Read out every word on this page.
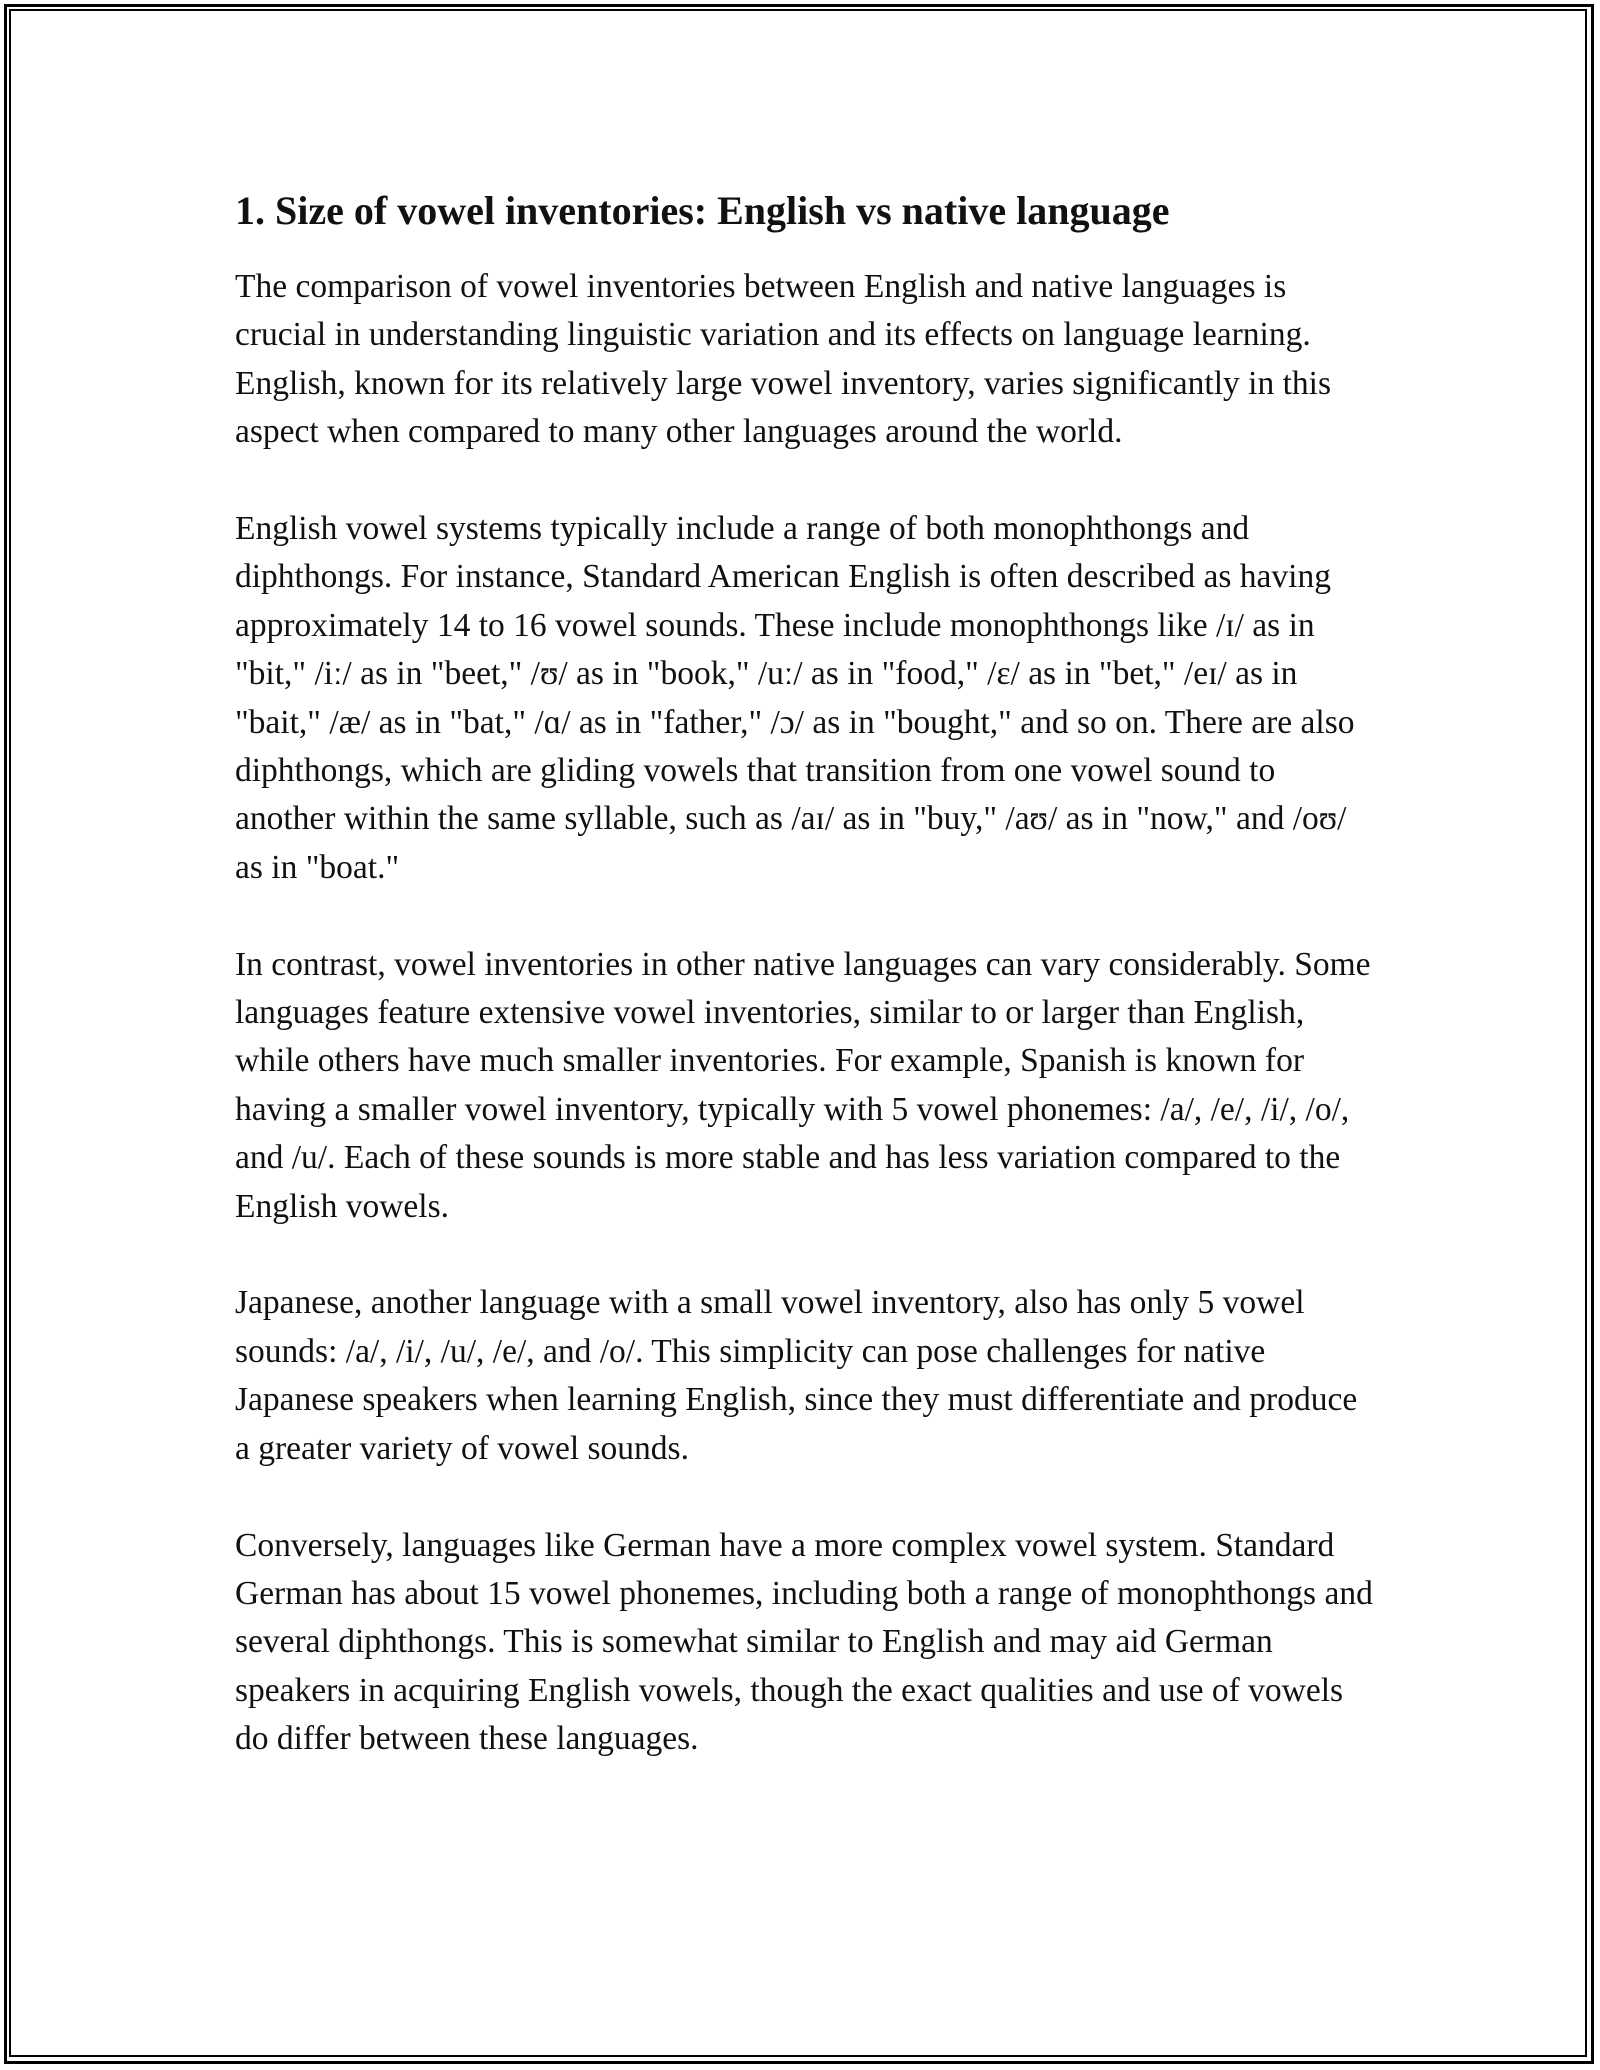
1. Size of vowel inventories: English vs native language

The comparison of vowel inventories between English and native languages is crucial in understanding linguistic variation and its effects on language learning. English, known for its relatively large vowel inventory, varies significantly in this aspect when compared to many other languages around the world.

English vowel systems typically include a range of both monophthongs and diphthongs. For instance, Standard American English is often described as having approximately 14 to 16 vowel sounds. These include monophthongs like /ɪ/ as in "bit," /iː/ as in "beet," /ʊ/ as in "book," /uː/ as in "food," /ɛ/ as in "bet," /eɪ/ as in "bait," /æ/ as in "bat," /ɑ/ as in "father," /ɔ/ as in "bought," and so on. There are also diphthongs, which are gliding vowels that transition from one vowel sound to another within the same syllable, such as /aɪ/ as in "buy," /aʊ/ as in "now," and /oʊ/ as in "boat."

In contrast, vowel inventories in other native languages can vary considerably. Some languages feature extensive vowel inventories, similar to or larger than English, while others have much smaller inventories. For example, Spanish is known for having a smaller vowel inventory, typically with 5 vowel phonemes: /a/, /e/, /i/, /o/, and /u/. Each of these sounds is more stable and has less variation compared to the English vowels.

Japanese, another language with a small vowel inventory, also has only 5 vowel sounds: /a/, /i/, /u/, /e/, and /o/. This simplicity can pose challenges for native Japanese speakers when learning English, since they must differentiate and produce a greater variety of vowel sounds.

Conversely, languages like German have a more complex vowel system. Standard German has about 15 vowel phonemes, including both a range of monophthongs and several diphthongs. This is somewhat similar to English and may aid German speakers in acquiring English vowels, though the exact qualities and use of vowels do differ between these languages.
